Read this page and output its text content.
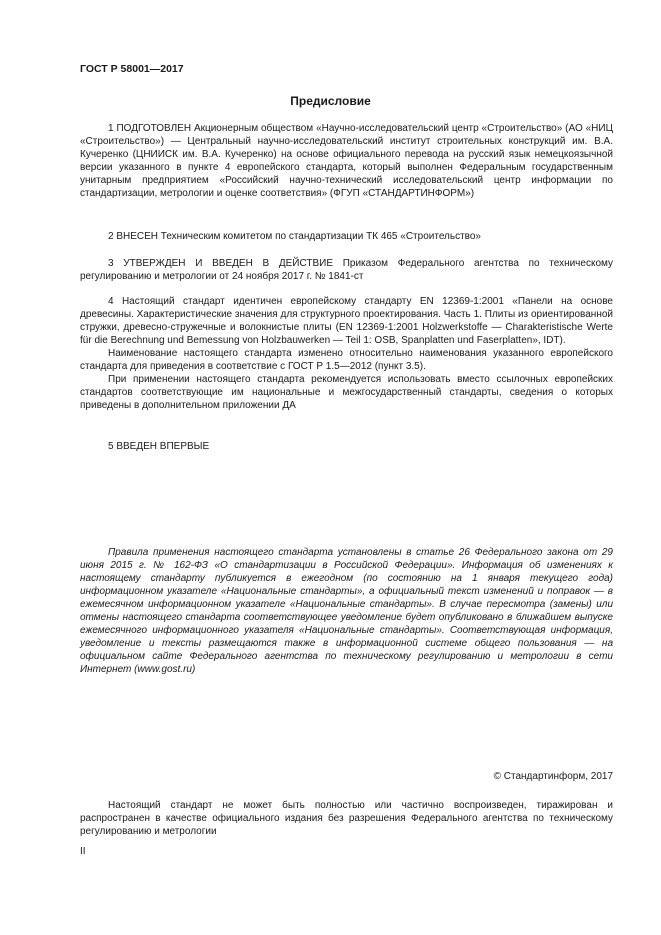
ГОСТ Р 58001—2017
Предисловие

1 ПОДГОТОВЛЕН Акционерным обществом «Научно-исследовательский центр «Строительство» (АО «НИЦ «Строительство») — Центральный научно-исследовательский институт строительных конструкций им. В.А. Кучеренко (ЦНИИСК им. В.А. Кучеренко) на основе официального перевода на русский язык немецкоязычной версии указанного в пункте 4 европейского стандарта, который выполнен Федеральным государственным унитарным предприятием «Российский научно-технический исследовательский центр информации по стандартизации, метрологии и оценке соответствия» (ФГУП «СТАНДАРТИНФОРМ»)

2 ВНЕСЕН Техническим комитетом по стандартизации ТК 465 «Строительство»

3 УТВЕРЖДЕН И ВВЕДЕН В ДЕЙСТВИЕ Приказом Федерального агентства по техническому регулированию и метрологии от 24 ноября 2017 г. № 1841-ст

4 Настоящий стандарт идентичен европейскому стандарту EN 12369-1:2001 «Панели на основе древесины. Характеристические значения для структурного проектирования. Часть 1. Плиты из ориентированной стружки, древесно-стружечные и волокнистые плиты (EN 12369-1:2001 Holzwerkstoffe — Charakteristische Werte für die Berechnung und Bemessung von Holzbauwerken — Teil 1: OSB, Spanplatten und Faserplatten», IDT).

Наименование настоящего стандарта изменено относительно наименования указанного европейского стандарта для приведения в соответствие с ГОСТ Р 1.5—2012 (пункт 3.5).

При применении настоящего стандарта рекомендуется использовать вместо ссылочных европейских стандартов соответствующие им национальные и межгосударственный стандарты, сведения о которых приведены в дополнительном приложении ДА

5 ВВЕДЕН ВПЕРВЫЕ

Правила применения настоящего стандарта установлены в статье 26 Федерального закона от 29 июня 2015 г. № 162-ФЗ «О стандартизации в Российской Федерации». Информация об изменениях к настоящему стандарту публикуется в ежегодном (по состоянию на 1 января текущего года) информационном указателе «Национальные стандарты», а официальный текст изменений и поправок — в ежемесячном информационном указателе «Национальные стандарты». В случае пересмотра (замены) или отмены настоящего стандарта соответствующее уведомление будет опубликовано в ближайшем выпуске ежемесячного информационного указателя «Национальные стандарты». Соответствующая информация, уведомление и тексты размещаются также в информационной системе общего пользования — на официальном сайте Федерального агентства по техническому регулированию и метрологии в сети Интернет (www.gost.ru)

© Стандартинформ, 2017

Настоящий стандарт не может быть полностью или частично воспроизведен, тиражирован и распространен в качестве официального издания без разрешения Федерального агентства по техническому регулированию и метрологии

II
